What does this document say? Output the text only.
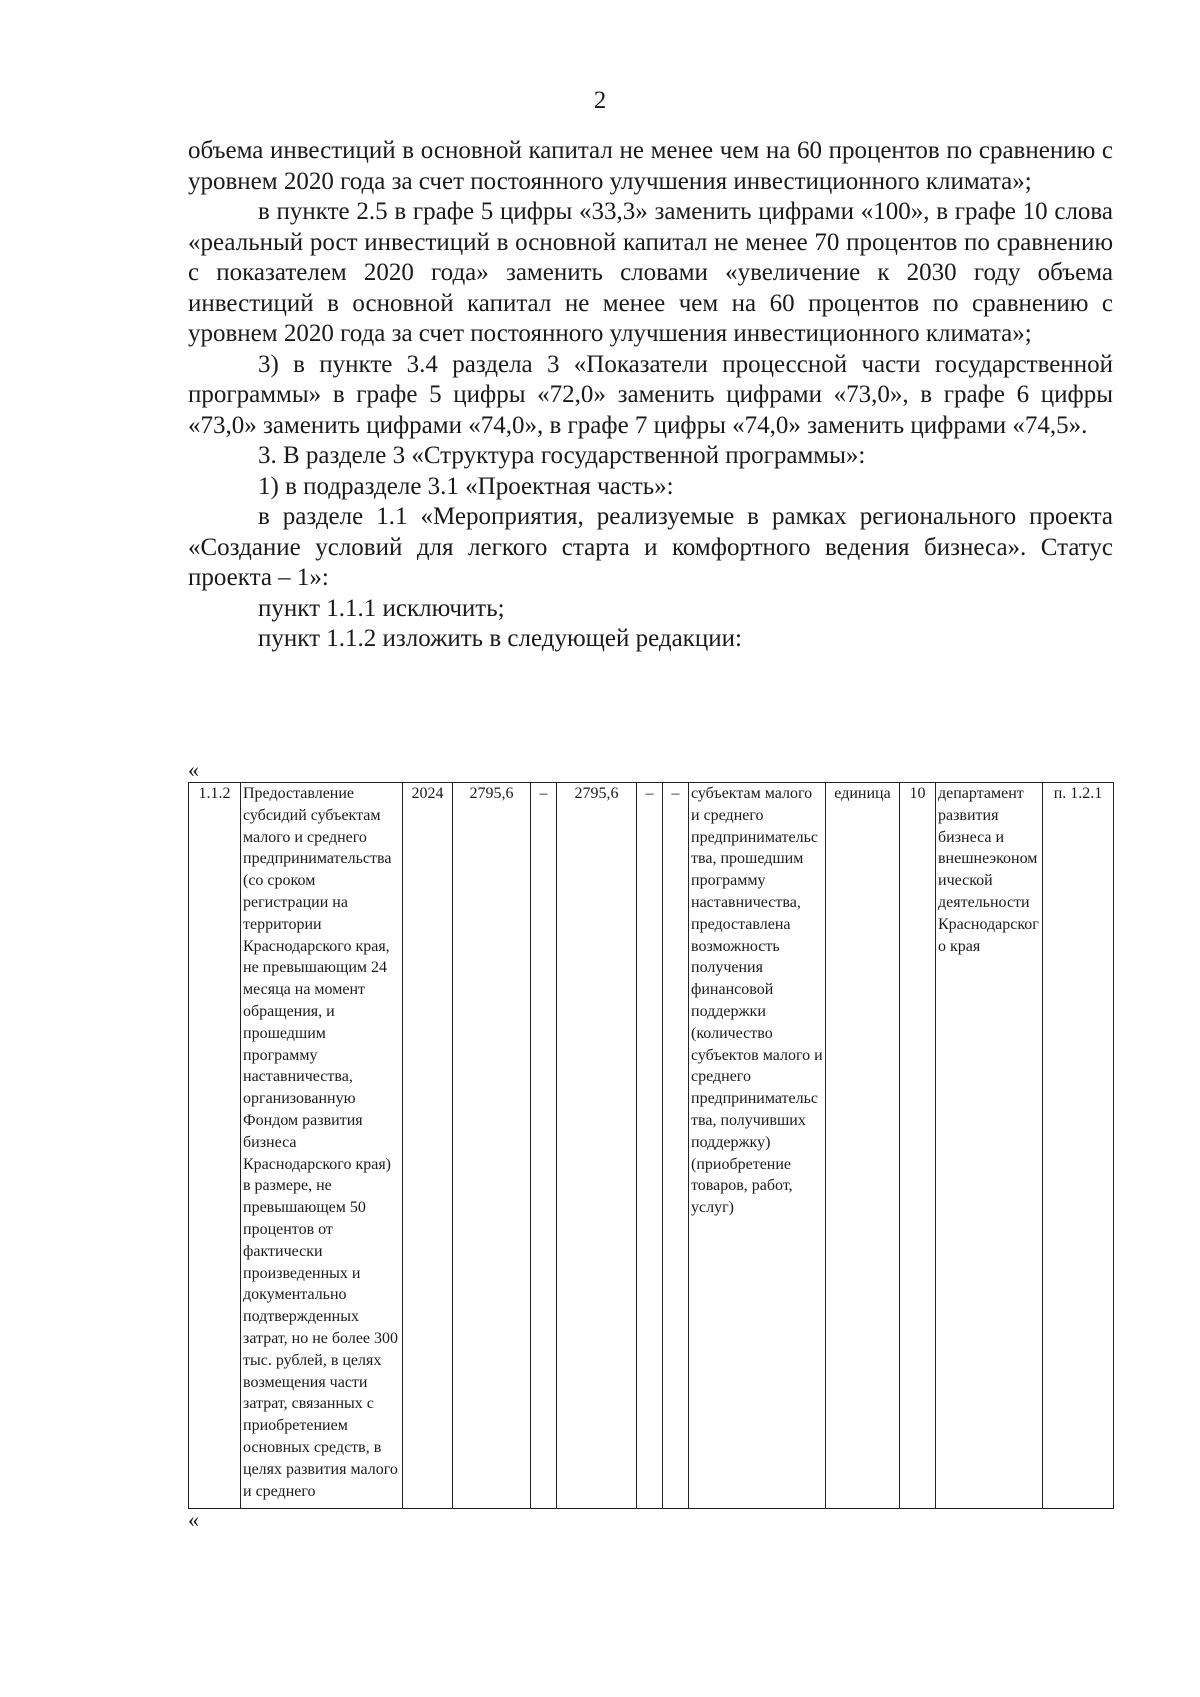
2

объема инвестиций в основной капитал не менее чем на 60 процентов по сравнению с уровнем 2020 года за счет постоянного улучшения инвестиционного климата»;

в пункте 2.5 в графе 5 цифры «33,3» заменить цифрами «100», в графе 10 слова «реальный рост инвестиций в основной капитал не менее 70 процентов по сравнению с показателем 2020 года» заменить словами «увеличение к 2030 году объема инвестиций в основной капитал не менее чем на 60 процентов по сравнению с уровнем 2020 года за счет постоянного улучшения инвестиционного климата»;

3) в пункте 3.4 раздела 3 «Показатели процессной части государственной программы» в графе 5 цифры «72,0» заменить цифрами «73,0», в графе 6 цифры «73,0» заменить цифрами «74,0», в графе 7 цифры «74,0» заменить цифрами «74,5».

3. В разделе 3 «Структура государственной программы»:

1) в подразделе 3.1 «Проектная часть»:

в разделе 1.1 «Мероприятия, реализуемые в рамках регионального проекта «Создание условий для легкого старта и комфортного ведения бизнеса». Статус проекта – 1»:

пункт 1.1.1 исключить;

пункт 1.1.2 изложить в следующей редакции:

«
1.1.2	Предоставление субсидий субъектам малого и среднего предпринимательства (со сроком регистрации на территории Краснодарского края, не превышающим 24 месяца на момент обращения, и прошедшим программу наставничества, организованную Фондом развития бизнеса Краснодарского края) в размере, не превышающем 50 процентов от фактически произведенных и документально подтвержденных затрат, но не более 300 тыс. рублей, в целях возмещения части затрат, связанных с приобретением основных средств, в целях развития малого и среднего	2024	2795,6	–	2795,6	–	–	субъектам малого и среднего предпринимательства, прошедшим программу наставничества, предоставлена возможность получения финансовой поддержки (количество субъектов малого и среднего предпринимательства, получивших поддержку) (приобретение товаров, работ, услуг)	единица	10	департамент развития бизнеса и внешнеэкономической деятельности Краснодарского края	п. 1.2.1
«
